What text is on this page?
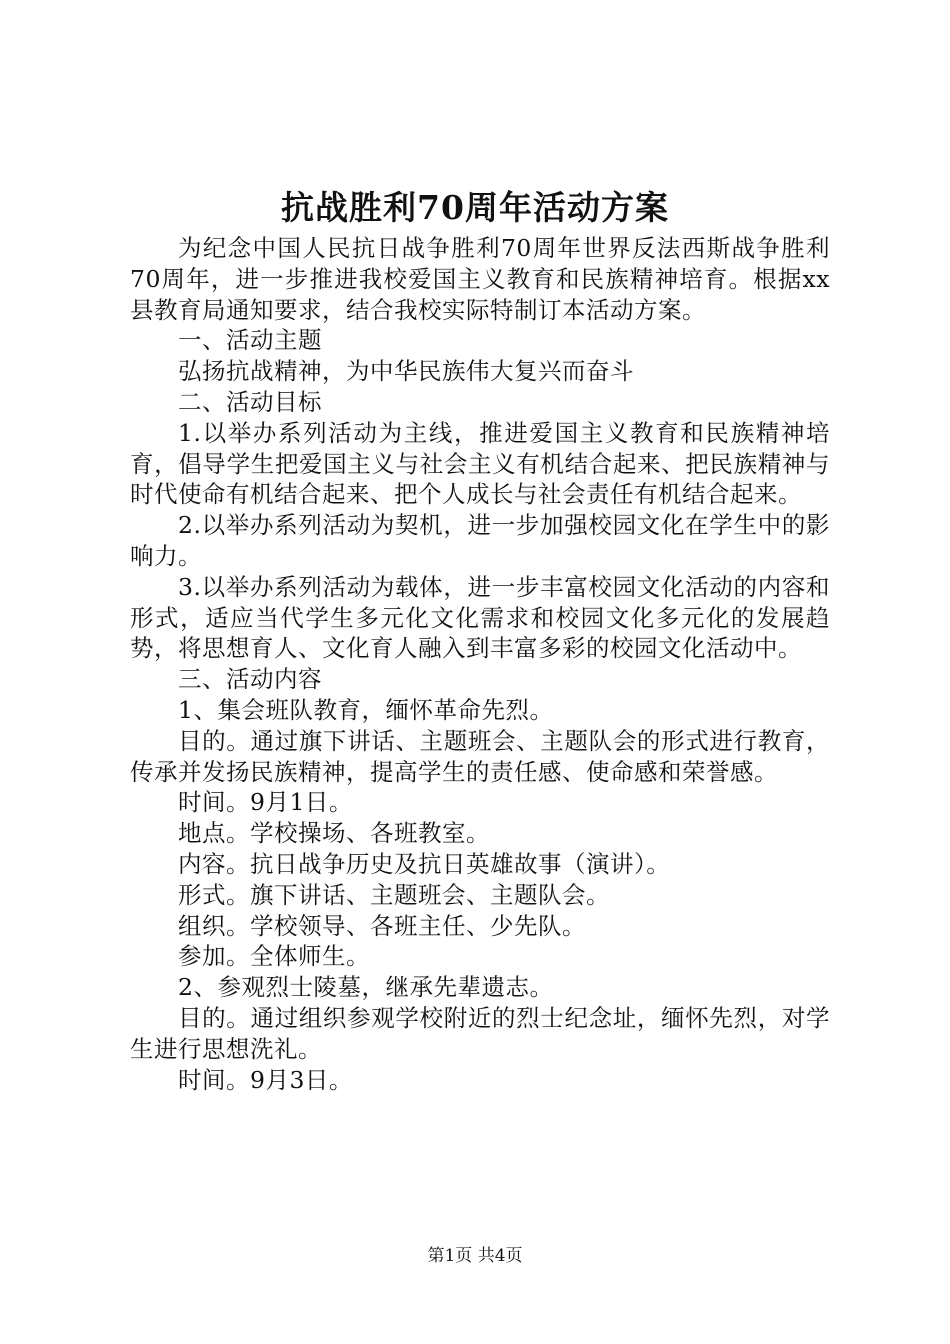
抗战胜利70周年活动方案

为纪念中国人民抗日战争胜利70周年世界反法西斯战争胜利70周年，进一步推进我校爱国主义教育和民族精神培育。根据xx县教育局通知要求，结合我校实际特制订本活动方案。

一、活动主题

弘扬抗战精神，为中华民族伟大复兴而奋斗

二、活动目标

1.以举办系列活动为主线，推进爱国主义教育和民族精神培育，倡导学生把爱国主义与社会主义有机结合起来、把民族精神与时代使命有机结合起来、把个人成长与社会责任有机结合起来。

2.以举办系列活动为契机，进一步加强校园文化在学生中的影响力。

3.以举办系列活动为载体，进一步丰富校园文化活动的内容和形式，适应当代学生多元化文化需求和校园文化多元化的发展趋势，将思想育人、文化育人融入到丰富多彩的校园文化活动中。

三、活动内容

1、集会班队教育，缅怀革命先烈。

目的。通过旗下讲话、主题班会、主题队会的形式进行教育，传承并发扬民族精神，提高学生的责任感、使命感和荣誉感。

时间。9月1日。

地点。学校操场、各班教室。

内容。抗日战争历史及抗日英雄故事（演讲）。

形式。旗下讲话、主题班会、主题队会。

组织。学校领导、各班主任、少先队。

参加。全体师生。

2、参观烈士陵墓，继承先辈遗志。

目的。通过组织参观学校附近的烈士纪念址，缅怀先烈，对学生进行思想洗礼。

时间。9月3日。

第1页 共4页
